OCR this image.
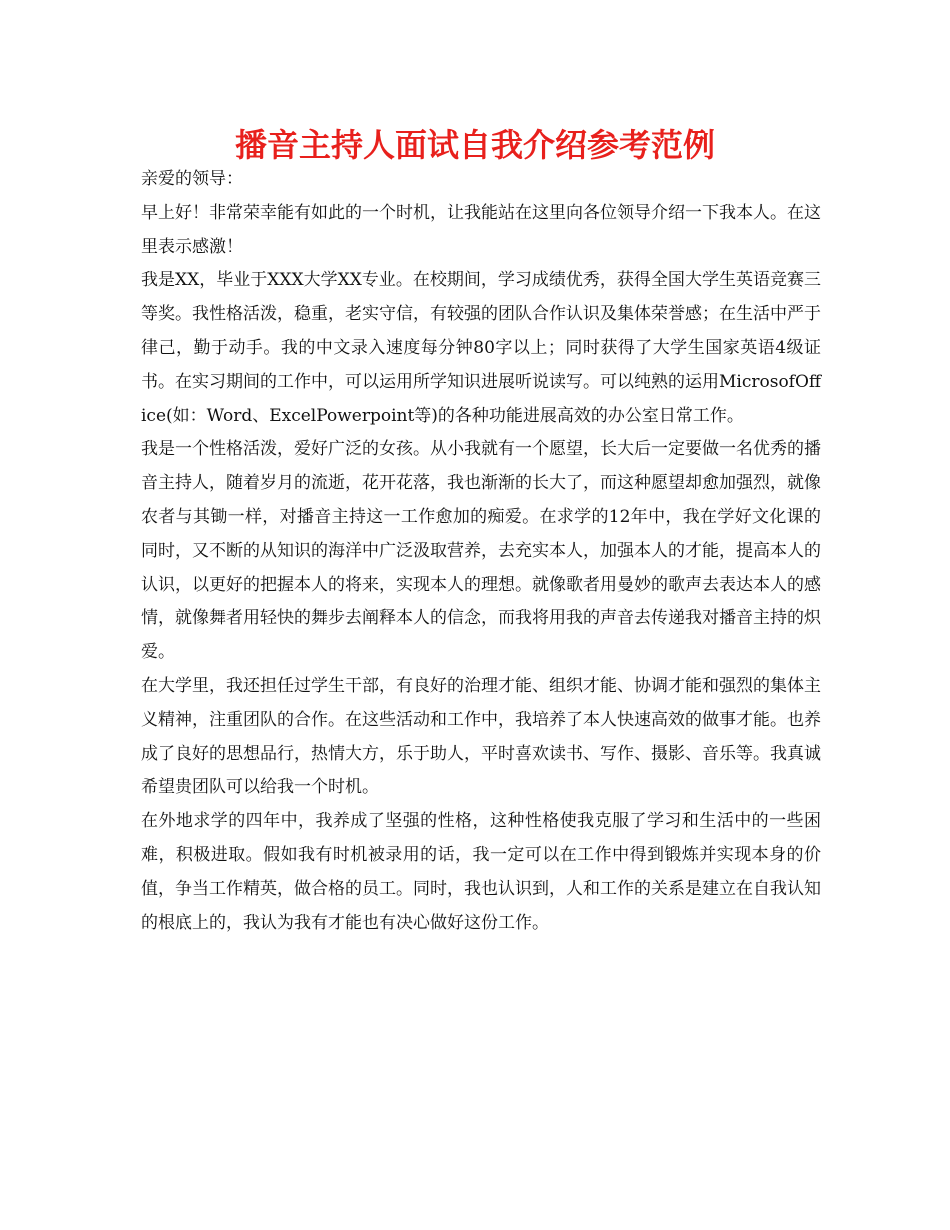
播音主持人面试自我介绍参考范例

亲爱的领导：

早上好！非常荣幸能有如此的一个时机，让我能站在这里向各位领导介绍一下我本人。在这里表示感激！

我是XX，毕业于XXX大学XX专业。在校期间，学习成绩优秀，获得全国大学生英语竞赛三等奖。我性格活泼，稳重，老实守信，有较强的团队合作认识及集体荣誉感；在生活中严于律己，勤于动手。我的中文录入速度每分钟80字以上；同时获得了大学生国家英语4级证书。在实习期间的工作中，可以运用所学知识进展听说读写。可以纯熟的运用MicrosofOffice(如：Word、ExcelPowerpoint等)的各种功能进展高效的办公室日常工作。

我是一个性格活泼，爱好广泛的女孩。从小我就有一个愿望，长大后一定要做一名优秀的播音主持人，随着岁月的流逝，花开花落，我也渐渐的长大了，而这种愿望却愈加强烈，就像农者与其锄一样，对播音主持这一工作愈加的痴爱。在求学的12年中，我在学好文化课的同时，又不断的从知识的海洋中广泛汲取营养，去充实本人，加强本人的才能，提高本人的认识，以更好的把握本人的将来，实现本人的理想。就像歌者用曼妙的歌声去表达本人的感情，就像舞者用轻快的舞步去阐释本人的信念，而我将用我的声音去传递我对播音主持的炽爱。

在大学里，我还担任过学生干部，有良好的治理才能、组织才能、协调才能和强烈的集体主义精神，注重团队的合作。在这些活动和工作中，我培养了本人快速高效的做事才能。也养成了良好的思想品行，热情大方，乐于助人，平时喜欢读书、写作、摄影、音乐等。我真诚希望贵团队可以给我一个时机。

在外地求学的四年中，我养成了坚强的性格，这种性格使我克服了学习和生活中的一些困难，积极进取。假如我有时机被录用的话，我一定可以在工作中得到锻炼并实现本身的价值，争当工作精英，做合格的员工。同时，我也认识到，人和工作的关系是建立在自我认知的根底上的，我认为我有才能也有决心做好这份工作。
